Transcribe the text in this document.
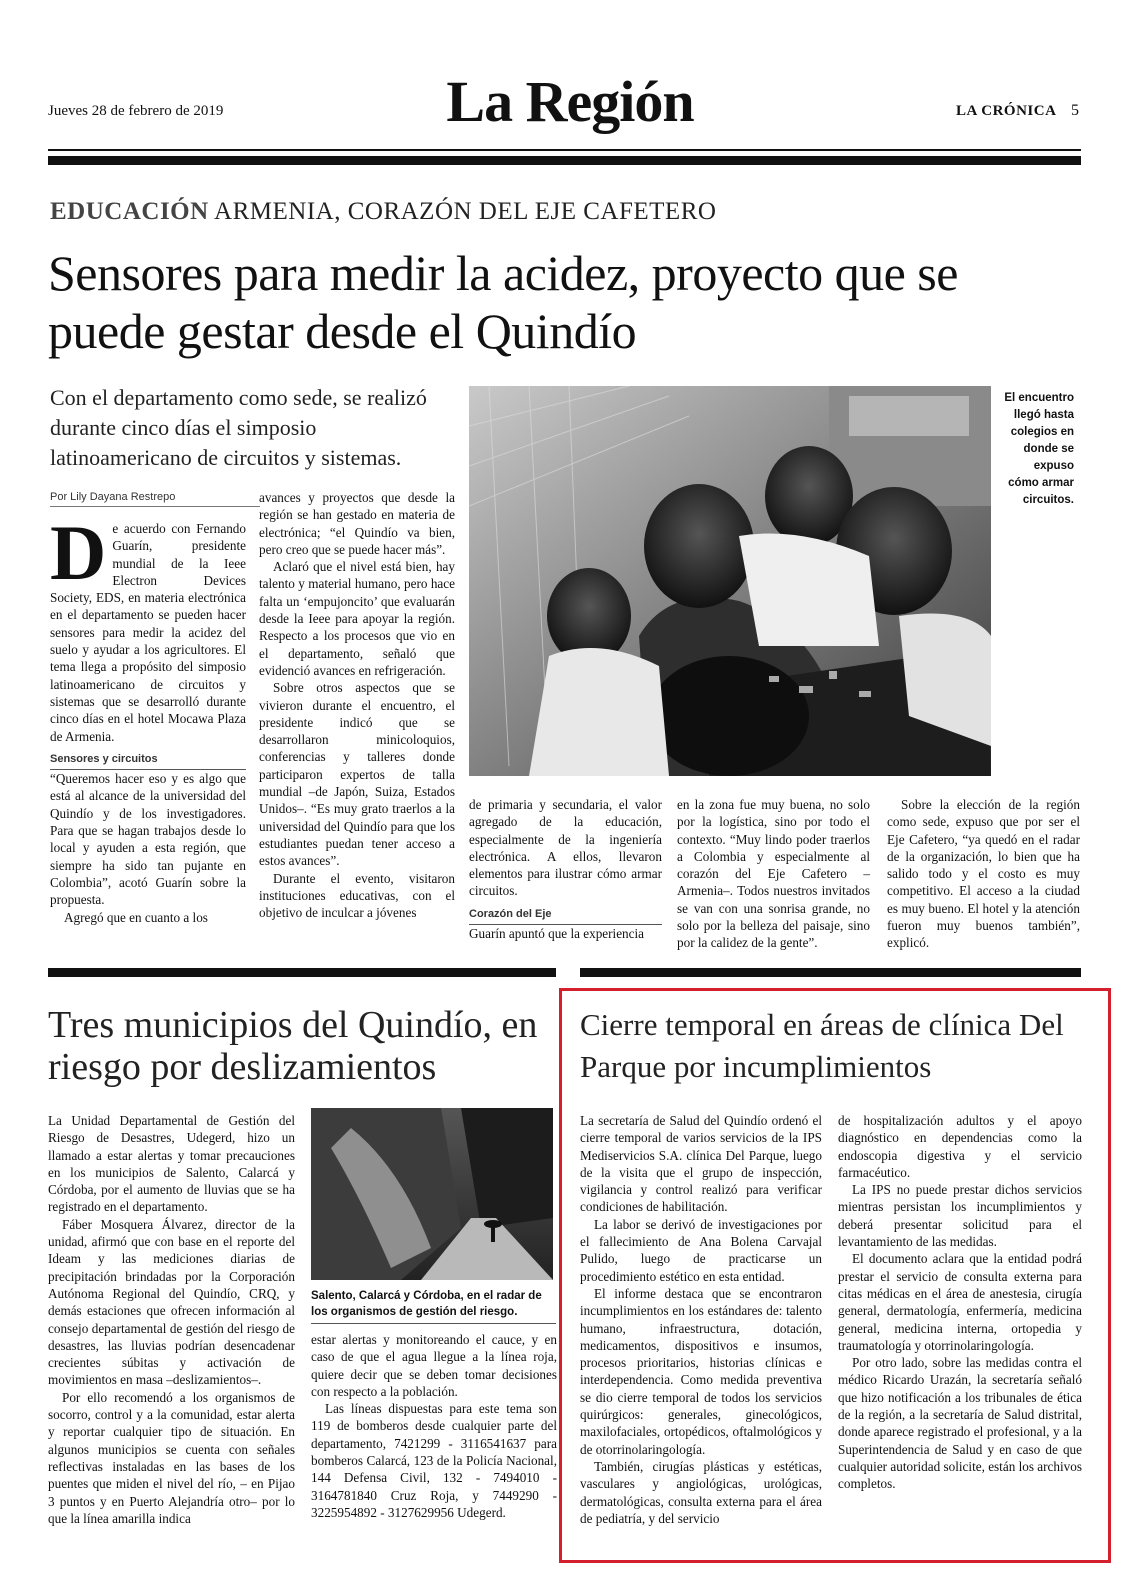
Jueves 28 de febrero de 2019	La Región	LA CRÓNICA 5
EDUCACIÓN ARMENIA, CORAZÓN DEL EJE CAFETERO
Sensores para medir la acidez, proyecto que se puede gestar desde el Quindío
Con el departamento como sede, se realizó durante cinco días el simposio latinoamericano de circuitos y sistemas.
Por Lily Dayana Restrepo

De acuerdo con Fernando Guarín, presidente mundial de la Ieee Electron Devices Society, EDS, en materia electrónica en el departamento se pueden hacer sensores para medir la acidez del suelo y ayudar a los agricultores. El tema llega a propósito del simposio latinoamericano de circuitos y sistemas que se desarrolló durante cinco días en el hotel Mocawa Plaza de Armenia.

Sensores y circuitos

“Queremos hacer eso y es algo que está al alcance de la universidad del Quindío y de los investigadores. Para que se hagan trabajos desde lo local y ayuden a esta región, que siempre ha sido tan pujante en Colombia”, acotó Guarín sobre la propuesta.

Agregó que en cuanto a los

avances y proyectos que desde la región se han gestado en materia de electrónica; “el Quindío va bien, pero creo que se puede hacer más”.

Aclaró que el nivel está bien, hay talento y material humano, pero hace falta un ‘empujoncito’ que evaluarán desde la Ieee para apoyar la región. Respecto a los procesos que vio en el departamento, señaló que evidenció avances en refrigeración.

Sobre otros aspectos que se vivieron durante el encuentro, el presidente indicó que se desarrollaron minicoloquios, conferencias y talleres donde participaron expertos de talla mundial –de Japón, Suiza, Estados Unidos–. “Es muy grato traerlos a la universidad del Quindío para que los estudiantes puedan tener acceso a estos avances”.

Durante el evento, visitaron instituciones educativas, con el objetivo de inculcar a jóvenes

El encuentro llegó hasta colegios en donde se expuso cómo armar circuitos.

de primaria y secundaria, el valor agregado de la educación, especialmente de la ingeniería electrónica. A ellos, llevaron elementos para ilustrar cómo armar circuitos.

Corazón del Eje

Guarín apuntó que la experiencia

en la zona fue muy buena, no solo por la logística, sino por todo el contexto. “Muy lindo poder traerlos a Colombia y especialmente al corazón del Eje Cafetero –Armenia–. Todos nuestros invitados se van con una sonrisa grande, no solo por la belleza del paisaje, sino por la calidez de la gente”.

Sobre la elección de la región como sede, expuso que por ser el Eje Cafetero, “ya quedó en el radar de la organización, lo bien que ha salido todo y el costo es muy competitivo. El acceso a la ciudad es muy bueno. El hotel y la atención fueron muy buenos también”, explicó.

Tres municipios del Quindío, en riesgo por deslizamientos

La Unidad Departamental de Gestión del Riesgo de Desastres, Udegerd, hizo un llamado a estar alertas y tomar precauciones en los municipios de Salento, Calarcá y Córdoba, por el aumento de lluvias que se ha registrado en el departamento.

Fáber Mosquera Álvarez, director de la unidad, afirmó que con base en el reporte del Ideam y las mediciones diarias de precipitación brindadas por la Corporación Autónoma Regional del Quindío, CRQ, y demás estaciones que ofrecen información al consejo departamental de gestión del riesgo de desastres, las lluvias podrían desencadenar crecientes súbitas y activación de movimientos en masa –deslizamientos–.

Por ello recomendó a los organismos de socorro, control y a la comunidad, estar alerta y reportar cualquier tipo de situación. En algunos municipios se cuenta con señales reflectivas instaladas en las bases de los puentes que miden el nivel del río, – en Pijao 3 puntos y en Puerto Alejandría otro– por lo que la línea amarilla indica

Salento, Calarcá y Córdoba, en el radar de los organismos de gestión del riesgo.

estar alertas y monitoreando el cauce, y en caso de que el agua llegue a la línea roja, quiere decir que se deben tomar decisiones con respecto a la población.

Las líneas dispuestas para este tema son 119 de bomberos desde cualquier parte del departamento, 7421299 - 3116541637 para bomberos Calarcá, 123 de la Policía Nacional, 144 Defensa Civil, 132 - 7494010 - 3164781840 Cruz Roja, y 7449290 - 3225954892 - 3127629956 Udegerd.

Cierre temporal en áreas de clínica Del Parque por incumplimientos

La secretaría de Salud del Quindío ordenó el cierre temporal de varios servicios de la IPS Mediservicios S.A. clínica Del Parque, luego de la visita que el grupo de inspección, vigilancia y control realizó para verificar condiciones de habilitación.

La labor se derivó de investigaciones por el fallecimiento de Ana Bolena Carvajal Pulido, luego de practicarse un procedimiento estético en esta entidad.

El informe destaca que se encontraron incumplimientos en los estándares de: talento humano, infraestructura, dotación, medicamentos, dispositivos e insumos, procesos prioritarios, historias clínicas e interdependencia. Como medida preventiva se dio cierre temporal de todos los servicios quirúrgicos: generales, ginecológicos, maxilofaciales, ortopédicos, oftalmológicos y de otorrinolaringología.

También, cirugías plásticas y estéticas, vasculares y angiológicas, urológicas, dermatológicas, consulta externa para el área de pediatría, y del servicio

de hospitalización adultos y el apoyo diagnóstico en dependencias como la endoscopia digestiva y el servicio farmacéutico.

La IPS no puede prestar dichos servicios mientras persistan los incumplimientos y deberá presentar solicitud para el levantamiento de las medidas.

El documento aclara que la entidad podrá prestar el servicio de consulta externa para citas médicas en el área de anestesia, cirugía general, dermatología, enfermería, medicina general, medicina interna, ortopedia y traumatología y otorrinolaringología.

Por otro lado, sobre las medidas contra el médico Ricardo Urazán, la secretaría señaló que hizo notificación a los tribunales de ética de la región, a la secretaría de Salud distrital, donde aparece registrado el profesional, y a la Superintendencia de Salud y en caso de que cualquier autoridad solicite, están los archivos completos.
